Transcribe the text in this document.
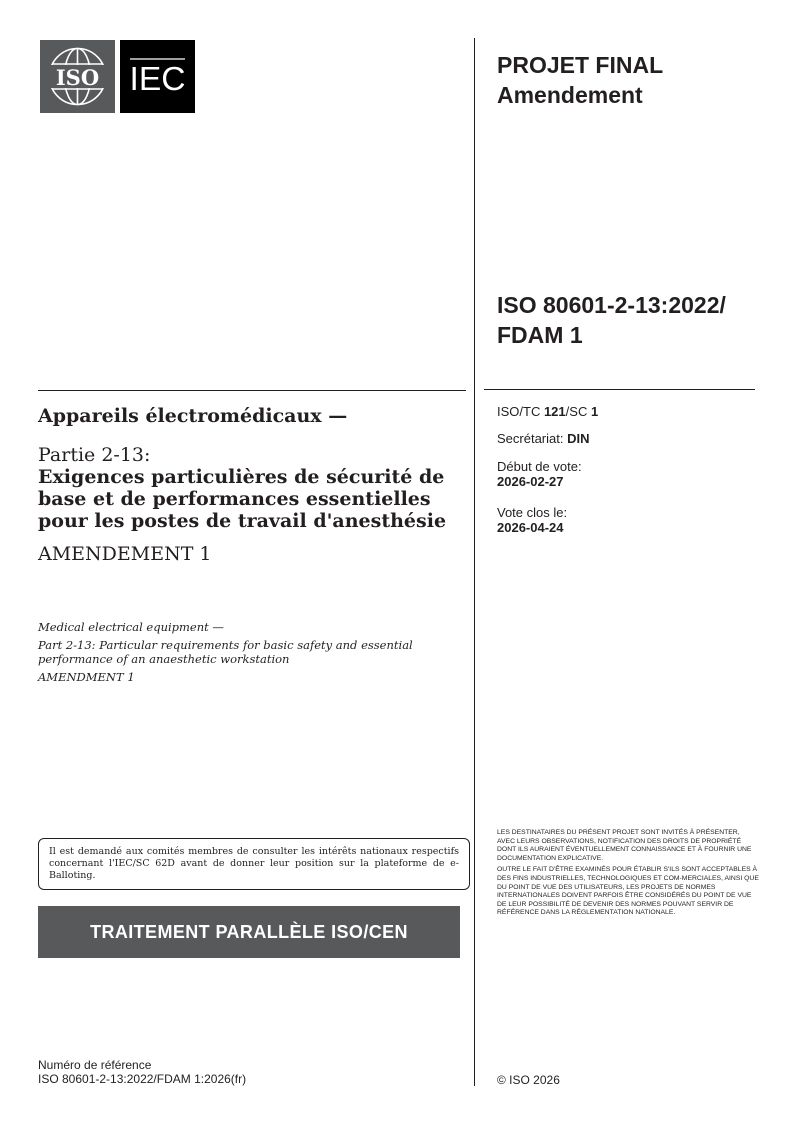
ISO IEC	PROJET FINAL
Amendement
ISO 80601-2-13:2022/ FDAM 1
ISO/TC 121/SC 1
Secrétariat: DIN
Début de vote:
2026-02-27
Vote clos le:
2026-04-24
Appareils électromédicaux —
Partie 2-13:
Exigences particulières de sécurité de base et de performances essentielles pour les postes de travail d'anesthésie
AMENDEMENT 1
Medical electrical equipment —
Part 2-13: Particular requirements for basic safety and essential performance of an anaesthetic workstation
AMENDMENT 1
Il est demandé aux comités membres de consulter les intérêts nationaux respectifs concernant l'IEC/SC 62D avant de donner leur position sur la plateforme de e-Balloting.
TRAITEMENT PARALLÈLE ISO/CEN

LES DESTINATAIRES DU PRÉSENT PROJET SONT INVITÉS À PRÉSENTER, AVEC LEURS OBSERVATIONS, NOTIFICATION DES DROITS DE PROPRIÉTÉ DONT ILS AURAIENT ÉVENTUELLEMENT CONNAISSANCE ET À FOURNIR UNE DOCUMENTATION EXPLICATIVE.

OUTRE LE FAIT D'ÊTRE EXAMINÉS POUR ÉTABLIR S'ILS SONT ACCEPTABLES À DES FINS INDUSTRIELLES, TECHNOLOGIQUES ET COM-MERCIALES, AINSI QUE DU POINT DE VUE DES UTILISATEURS, LES PROJETS DE NORMES INTERNATIONALES DOIVENT PARFOIS ÊTRE CONSIDÉRÉS DU POINT DE VUE DE LEUR POSSIBILITÉ DE DEVENIR DES NORMES POUVANT SERVIR DE RÉFÉRENCE DANS LA RÉGLEMENTATION NATIONALE.

Numéro de référence
ISO 80601-2-13:2022/FDAM 1:2026(fr)	© ISO 2026
